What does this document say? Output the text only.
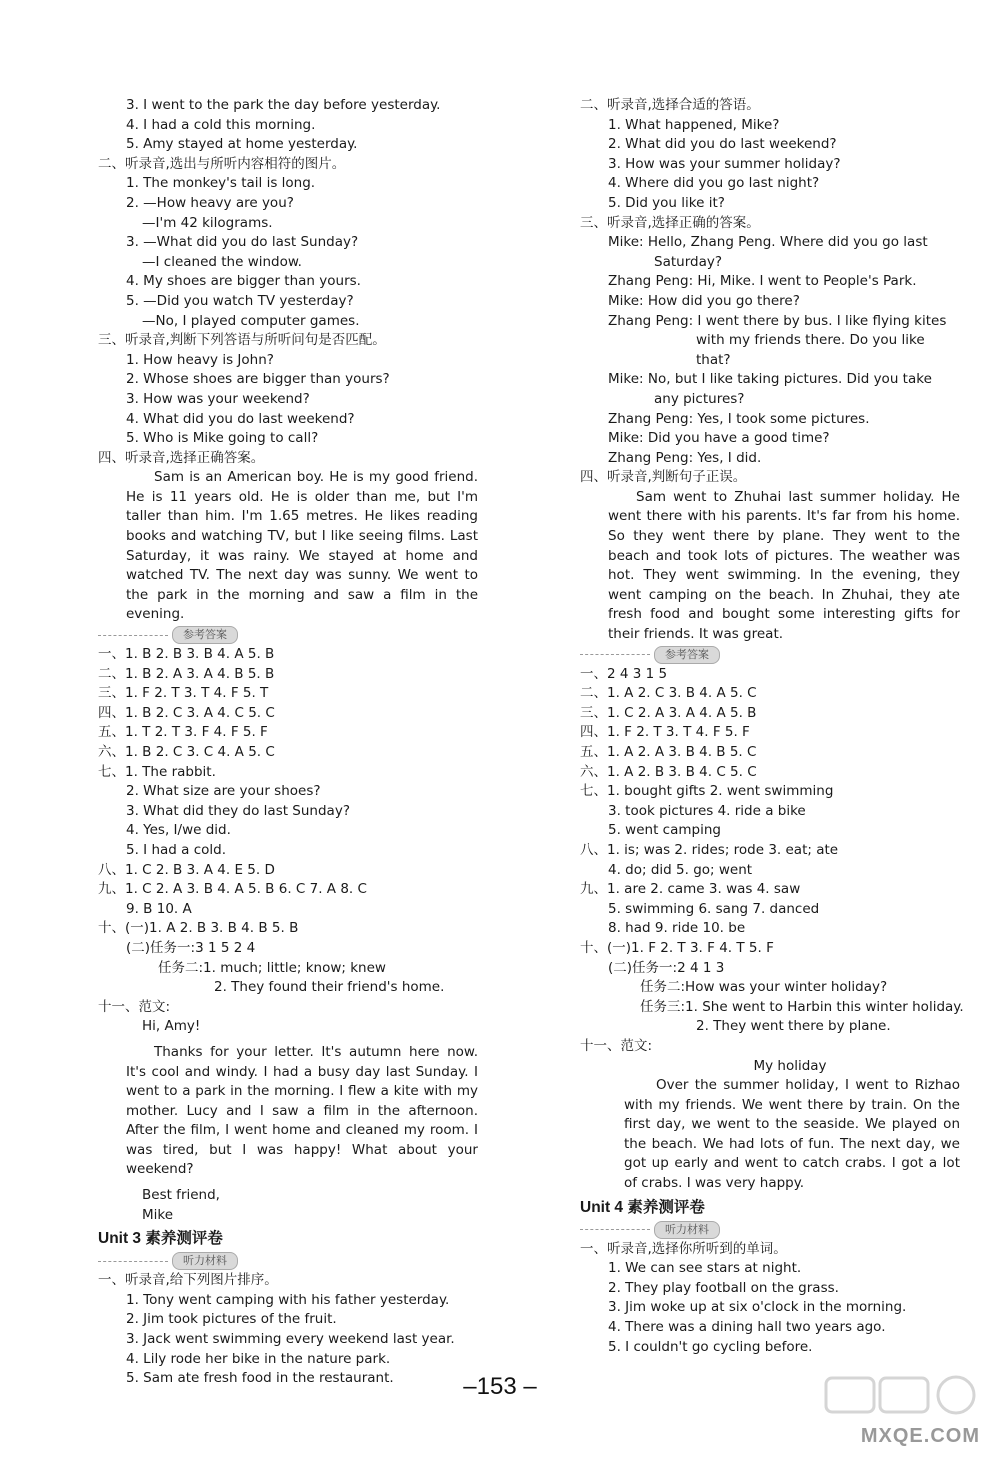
3. I went to the park the day before yesterday.
4. I had a cold this morning.
5. Amy stayed at home yesterday.
二、听录音,选出与所听内容相符的图片。
1. The monkey's tail is long.
2. —How heavy are you?
—I'm 42 kilograms.
3. —What did you do last Sunday?
—I cleaned the window.
4. My shoes are bigger than yours.
5. —Did you watch TV yesterday?
—No, I played computer games.
三、听录音,判断下列答语与所听问句是否匹配。
1. How heavy is John?
2. Whose shoes are bigger than yours?
3. How was your weekend?
4. What did you do last weekend?
5. Who is Mike going to call?
四、听录音,选择正确答案。
Sam is an American boy. He is my good friend. He is 11 years old. He is older than me, but I'm taller than him. I'm 1.65 metres. He likes reading books and watching TV, but I like seeing films. Last Saturday, it was rainy. We stayed at home and watched TV. The next day was sunny. We went to the park in the morning and saw a film in the evening.
参考答案
一、1. B 2. B 3. B 4. A 5. B
二、1. B 2. A 3. A 4. B 5. B
三、1. F 2. T 3. T 4. F 5. T
四、1. B 2. C 3. A 4. C 5. C
五、1. T 2. T 3. F 4. F 5. F
六、1. B 2. C 3. C 4. A 5. C
七、1. The rabbit.
2. What size are your shoes?
3. What did they do last Sunday?
4. Yes, I/we did.
5. I had a cold.
八、1. C 2. B 3. A 4. E 5. D
九、1. C 2. A 3. B 4. A 5. B 6. C 7. A 8. C
9. B 10. A
十、(一)1. A 2. B 3. B 4. B 5. B
(二)任务一:3 1 5 2 4
任务二:1. much; little; know; knew
2. They found their friend's home.
十一、范文:
Hi, Amy!
Thanks for your letter. It's autumn here now. It's cool and windy. I had a busy day last Sunday. I went to a park in the morning. I flew a kite with my mother. Lucy and I saw a film in the afternoon. After the film, I went home and cleaned my room. I was tired, but I was happy! What about your weekend?
Best friend,
Mike
Unit 3 素养测评卷
听力材料
一、听录音,给下列图片排序。
1. Tony went camping with his father yesterday.
2. Jim took pictures of the fruit.
3. Jack went swimming every weekend last year.
4. Lily rode her bike in the nature park.
5. Sam ate fresh food in the restaurant.
二、听录音,选择合适的答语。
1. What happened, Mike?
2. What did you do last weekend?
3. How was your summer holiday?
4. Where did you go last night?
5. Did you like it?
三、听录音,选择正确的答案。
Mike: Hello, Zhang Peng. Where did you go last
Saturday?
Zhang Peng: Hi, Mike. I went to People's Park.
Mike: How did you go there?
Zhang Peng: I went there by bus. I like flying kites
with my friends there. Do you like
that?
Mike: No, but I like taking pictures. Did you take
any pictures?
Zhang Peng: Yes, I took some pictures.
Mike: Did you have a good time?
Zhang Peng: Yes, I did.
四、听录音,判断句子正误。
Sam went to Zhuhai last summer holiday. He went there with his parents. It's far from his home. So they went there by plane. They went to the beach and took lots of pictures. The weather was hot. They went swimming. In the evening, they went camping on the beach. In Zhuhai, they ate fresh food and bought some interesting gifts for their friends. It was great.
参考答案
一、2 4 3 1 5
二、1. A 2. C 3. B 4. A 5. C
三、1. C 2. A 3. A 4. A 5. B
四、1. F 2. T 3. T 4. F 5. F
五、1. A 2. A 3. B 4. B 5. C
六、1. A 2. B 3. B 4. C 5. C
七、1. bought gifts 2. went swimming
3. took pictures 4. ride a bike
5. went camping
八、1. is; was 2. rides; rode 3. eat; ate
4. do; did 5. go; went
九、1. are 2. came 3. was 4. saw
5. swimming 6. sang 7. danced
8. had 9. ride 10. be
十、(一)1. F 2. T 3. F 4. T 5. F
(二)任务一:2 4 1 3
任务二:How was your winter holiday?
任务三:1. She went to Harbin this winter holiday.
2. They went there by plane.
十一、范文:
My holiday
Over the summer holiday, I went to Rizhao with my friends. We went there by train. On the first day, we went to the seaside. We played on the beach. We had lots of fun. The next day, we got up early and went to catch crabs. I got a lot of crabs. I was very happy.
Unit 4 素养测评卷
听力材料
一、听录音,选择你所听到的单词。
1. We can see stars at night.
2. They play football on the grass.
3. Jim woke up at six o'clock in the morning.
4. There was a dining hall two years ago.
5. I couldn't go cycling before.
–153 –
MXQE.COM
